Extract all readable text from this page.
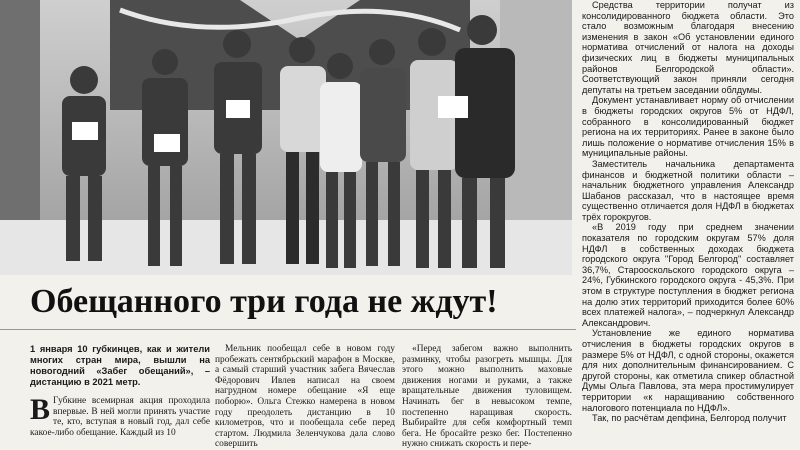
Средства территории получат из консолидированного бюджета области. Это стало возможным благодаря внесению изменения в закон «Об установлении единого норматива отчислений от налога на доходы физических лиц в бюджеты муниципальных районов Белгородской области». Соответствующий закон приняли сегодня депутаты на третьем заседании облдумы.

Документ устанавливает норму об отчислении в бюджеты городских округов 5% от НДФЛ, собранного в консолидированный бюджет региона на их территориях. Ранее в законе было лишь положение о нормативе отчисления 15% в муниципальные районы.

Заместитель начальника департамента финансов и бюджетной политики области – начальник бюджетного управления Александр Шабанов рассказал, что в настоящее время существенно отличается доля НДФЛ в бюджетах трёх горокругов.

«В 2019 году при среднем значении показателя по городским округам 57% доля НДФЛ в собственных доходах бюджета городского округа "Город Белгород" составляет 36,7%, Старооскольского городского округа – 24%, Губкинского городского округа - 45,3%. При этом в структуре поступления в бюджет региона на долю этих территорий приходится более 60% всех платежей налога», – подчеркнул Александр Александрович.

Установление же единого норматива отчисления в бюджеты городских округов в размере 5% от НДФЛ, с одной стороны, окажется для них дополнительным финансированием. С другой стороны, как отметила спикер областной Думы Ольга Павлова, эта мера простимулирует территории «к наращиванию собственного налогового потенциала по НДФЛ».

Так, по расчётам депфина, Белгород получит

Обещанного три года не ждут!
1 января 10 губкинцев, как и жители многих стран мира, вышли на новогодний «Забег обещаний», – дистанцию в 2021 метр.

В Губкине всемирная акция проходила впервые. В ней могли принять участие те, кто, вступая в новый год, дал себе какое-либо обещание. Каждый из 10

Мельник пообещал себе в новом году пробежать сентябрьский марафон в Москве, а самый старший участник забега Вячеслав Фёдорович Ивлев написал на своем нагрудном номере обещание «Я еще поборю». Ольга Стежко намерена в новом году преодолеть дистанцию в 10 километров, что и пообещала себе перед стартом. Людмила Зеленчукова дала слово совершить

«Перед забегом важно выполнить разминку, чтобы разогреть мышцы. Для этого можно выполнить маховые движения ногами и руками, а также вращательные движения туловищем. Начинать бег в невысоком темпе, постепенно наращивая скорость. Выбирайте для себя комфортный темп бега. Не бросайте резко бег. Постепенно нужно снижать скорость и пере-
